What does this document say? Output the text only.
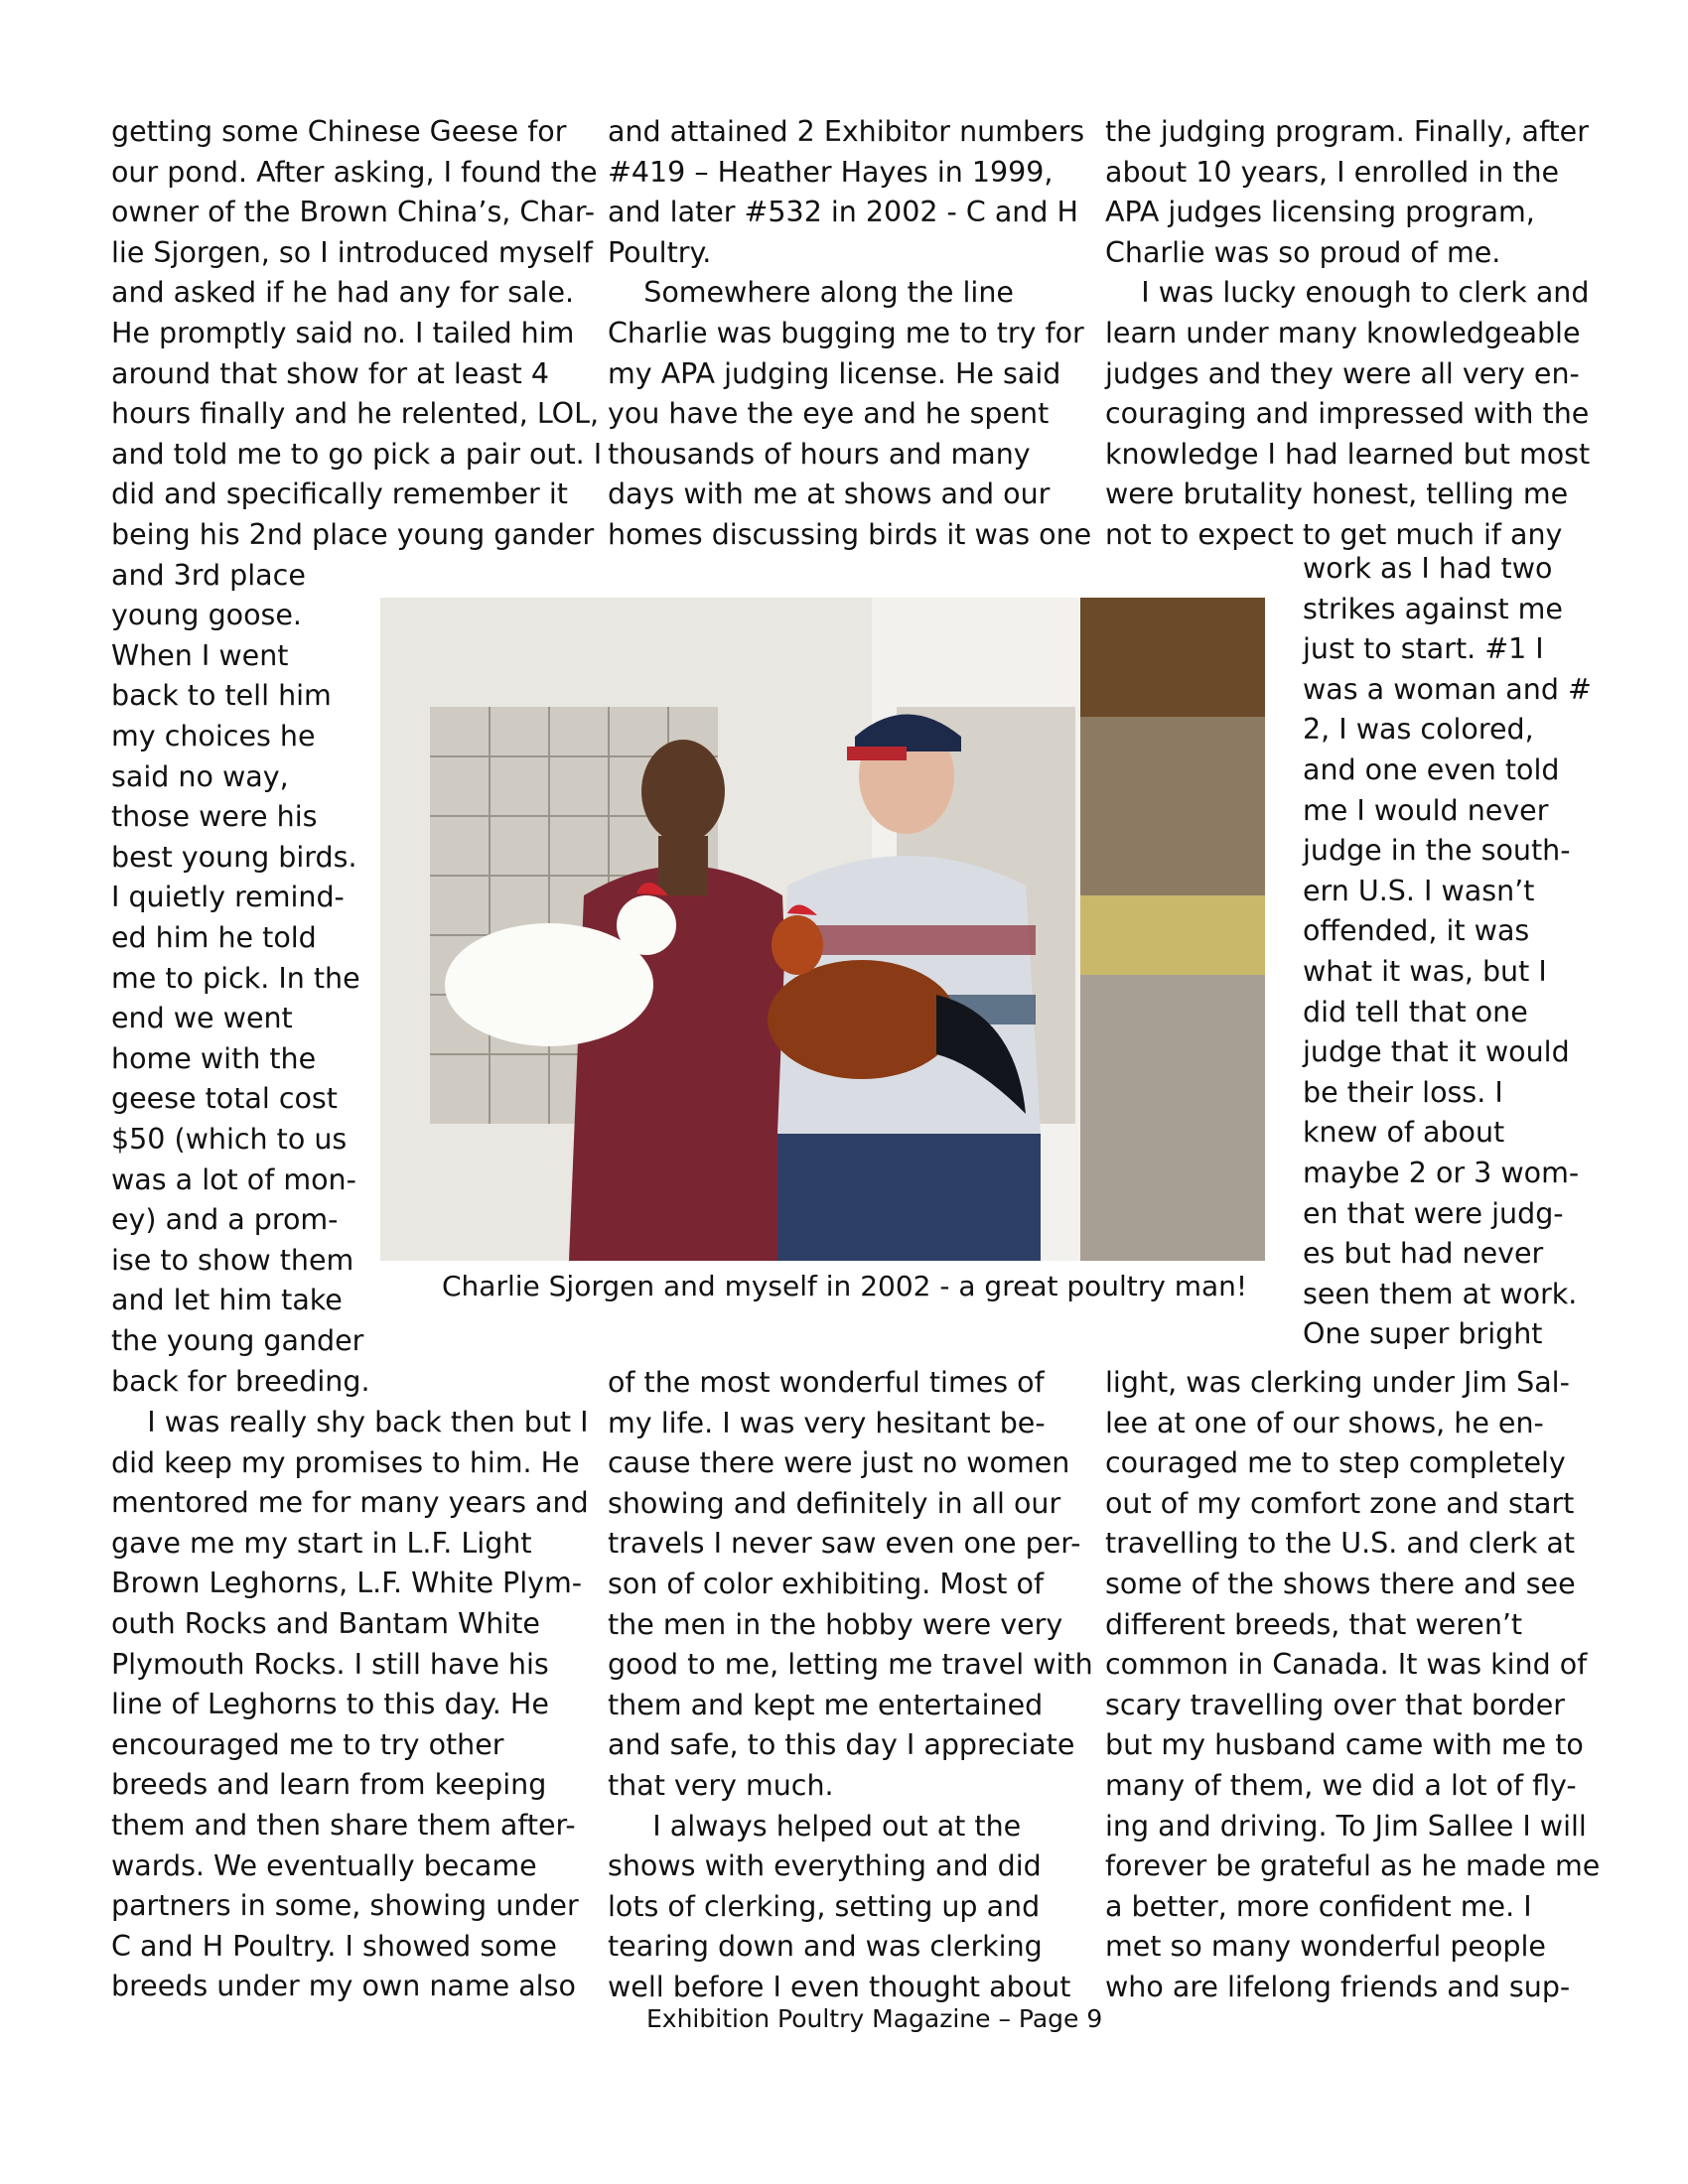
getting some Chinese Geese for
our pond. After asking, I found the
owner of the Brown China’s, Char-
lie Sjorgen, so I introduced myself
and asked if he had any for sale.
He promptly said no. I tailed him
around that show for at least 4
hours finally and he relented, LOL,
and told me to go pick a pair out. I
did and specifically remember it
being his 2nd place young gander
and 3rd place
young goose.
When I went
back to tell him
my choices he
said no way,
those were his
best young birds.
I quietly remind-
ed him he told
me to pick. In the
end we went
home with the
geese total cost
$50 (which to us
was a lot of mon-
ey) and a prom-
ise to show them
and let him take
the young gander
back for breeding.
I was really shy back then but I
did keep my promises to him. He
mentored me for many years and
gave me my start in L.F. Light
Brown Leghorns, L.F. White Plym-
outh Rocks and Bantam White
Plymouth Rocks. I still have his
line of Leghorns to this day. He
encouraged me to try other
breeds and learn from keeping
them and then share them after-
wards. We eventually became
partners in some, showing under
C and H Poultry. I showed some
breeds under my own name also
and attained 2 Exhibitor numbers
#419 – Heather Hayes in 1999,
and later #532 in 2002 - C and H
Poultry.
Somewhere along the line
Charlie was bugging me to try for
my APA judging license. He said
you have the eye and he spent
thousands of hours and many
days with me at shows and our
homes discussing birds it was one
of the most wonderful times of
my life. I was very hesitant be-
cause there were just no women
showing and definitely in all our
travels I never saw even one per-
son of color exhibiting. Most of
the men in the hobby were very
good to me, letting me travel with
them and kept me entertained
and safe, to this day I appreciate
that very much.
I always helped out at the
shows with everything and did
lots of clerking, setting up and
tearing down and was clerking
well before I even thought about
the judging program. Finally, after
about 10 years, I enrolled in the
APA judges licensing program,
Charlie was so proud of me.
I was lucky enough to clerk and
learn under many knowledgeable
judges and they were all very en-
couraging and impressed with the
knowledge I had learned but most
were brutality honest, telling me
not to expect to get much if any
work as I had two
strikes against me
just to start. #1 I
was a woman and #
2, I was colored,
and one even told
me I would never
judge in the south-
ern U.S. I wasn’t
offended, it was
what it was, but I
did tell that one
judge that it would
be their loss. I
knew of about
maybe 2 or 3 wom-
en that were judg-
es but had never
seen them at work.
One super bright
light, was clerking under Jim Sal-
lee at one of our shows, he en-
couraged me to step completely
out of my comfort zone and start
travelling to the U.S. and clerk at
some of the shows there and see
different breeds, that weren’t
common in Canada. It was kind of
scary travelling over that border
but my husband came with me to
many of them, we did a lot of fly-
ing and driving. To Jim Sallee I will
forever be grateful as he made me
a better, more confident me. I
met so many wonderful people
who are lifelong friends and sup-
Charlie Sjorgen and myself in 2002 - a great poultry man!
Exhibition Poultry Magazine – Page 9
